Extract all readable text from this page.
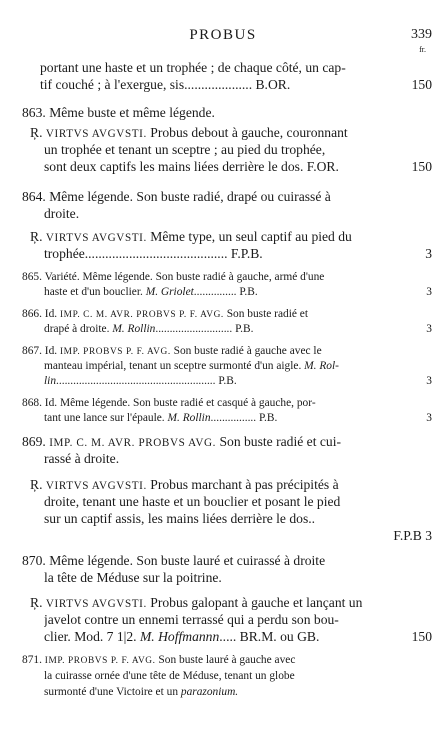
PROBUS	339
fr.
portant une haste et un trophée ; de chaque côté, un cap-
tif couché ; à l'exergue, sis.................... B.OR.	150
863. Même buste et même légende.
Ŗ. VIRTVS AVGVSTI. Probus debout à gauche, couronnant
un trophée et tenant un sceptre ; au pied du trophée,
sont deux captifs les mains liées derrière le dos. F.OR.	150
864. Même légende. Son buste radié, drapé ou cuirassé à
droite.
Ŗ. VIRTVS AVGVSTI. Même type, un seul captif au pied du
trophée.......................................... F.P.B.	3
865. Variété. Même légende. Son buste radié à gauche, armé d'une
haste et d'un bouclier. M. Griolet............... P.B.	3
866. Id. IMP. C. M. AVR. PROBVS P. F. AVG. Son buste radié et
drapé à droite. M. Rollin........................... P.B.	3
867. Id. IMP. PROBVS P. F. AVG. Son buste radié à gauche avec le
manteau impérial, tenant un sceptre surmonté d'un aigle. M. Rol-
lin........................................................ P.B.	3
868. Id. Même légende. Son buste radié et casqué à gauche, por-
tant une lance sur l'épaule. M. Rollin................ P.B.	3
869. IMP. C. M. AVR. PROBVS AVG. Son buste radié et cui-
rassé à droite.
Ŗ. VIRTVS AVGVSTI. Probus marchant à pas précipités à
droite, tenant une haste et un bouclier et posant le pied
sur un captif assis, les mains liées derrière le dos..
F.P.B 3
870. Même légende. Son buste lauré et cuirassé à droite
la tête de Méduse sur la poitrine.
Ŗ. VIRTVS AVGVSTI. Probus galopant à gauche et lançant un
javelot contre un ennemi terrassé qui a perdu son bou-
clier. Mod. 7 1|2. M. Hoffmannn..... BR.M. ou GB.	150
871. IMP. PROBVS P. F. AVG. Son buste lauré à gauche avec
la cuirasse ornée d'une tête de Méduse, tenant un globe
surmonté d'une Victoire et un parazonium.
